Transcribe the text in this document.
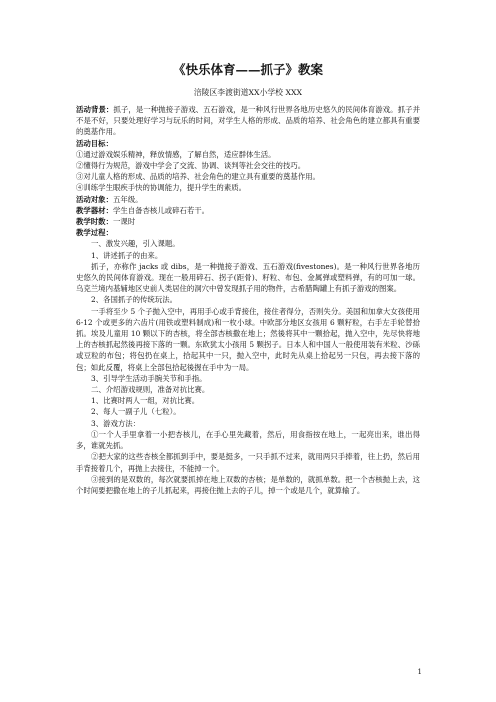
《快乐体育——抓子》教案
涪陵区李渡街道XX小学校 XXX

活动背景：抓子，是一种抛接子游戏、五石游戏，是一种风行世界各地历史悠久的民间体育游戏。抓子并不是不好，只要处理好学习与玩乐的时间，对学生人格的形成、品质的培养、社会角色的建立都具有重要的奠基作用。

活动目标：

①通过游戏娱乐精神，释放情感，了解自然，适应群体生活。

②懂得行为规范，游戏中学会了交流、协调、谈判等社会交往的技巧。

③对儿童人格的形成、品质的培养、社会角色的建立具有重要的奠基作用。

④训练学生眼疾手快的协调能力，提升学生的素质。

活动对象：五年级。

教学器材：学生自备杏核儿或碎石若干。

教学时数：一课时

教学过程：

一、激发兴趣，引入课题。

1、讲述抓子的由来。

抓子，亦称作 jacks 或 dibs，是一种抛接子游戏、五石游戏(fivestones)。是一种风行世界各地历史悠久的民间体育游戏。现在一般用碎石、拐子(距骨)、籽粒、布包、金属弹或塑料弹，有的可加一球。乌克兰境内基辅地区史前人类居住的洞穴中曾发现抓子用的物件，古希腊陶罐上有抓子游戏的图案。

2、各国抓子的传统玩法。

一手将至少 5 个子抛入空中，再用手心或手背接住，接住者得分，否则失分。美国和加拿大女孩使用 6-12 个或更多的六齿片(用铁或塑料制成)和一枚小球。中欧部分地区女孩用 6 颗籽粒，右手左手轮替拾抓。埃及儿童用 10 颗以下的杏核，将全部杏核撒在地上；然後将其中一颗拾起，抛入空中，先尽快将地上的杏核抓起然後再接下落的一颗。东欧犹太小孩用 5 颗拐子。日本人和中国人一般使用装有米粒、沙砾或豆粒的布包；将包扔在桌上，拾起其中一只，抛入空中，此时先从桌上拾起另一只包，再去接下落的包；如此反覆，将桌上全部包拾起後握在手中为一局。

3、引导学生活动手腕关节和手指。

二、介绍游戏规则，准备对抗比赛。

1、比赛时两人一组，对抗比赛。

2、每人一副子儿（七粒）。

3、游戏方法：

①一个人手里拿着一小把杏核儿，在手心里先藏着，然后，用食指按在地上，一起亮出来，谁出得多，谁就先抓。

②把大家的这些杏核全都抓到手中，要是挺多，一只手抓不过来，就用两只手捧着，往上扔，然后用手背接着几个，再抛上去接住，不能掉一个。

③接到的是双数的，每次就要抓掉在地上双数的杏核；是单数的，就抓单数。把一个杏核抛上去，这个时间要把撒在地上的子儿抓起来，再接住抛上去的子儿，掉一个或是几个，就算输了。

1
